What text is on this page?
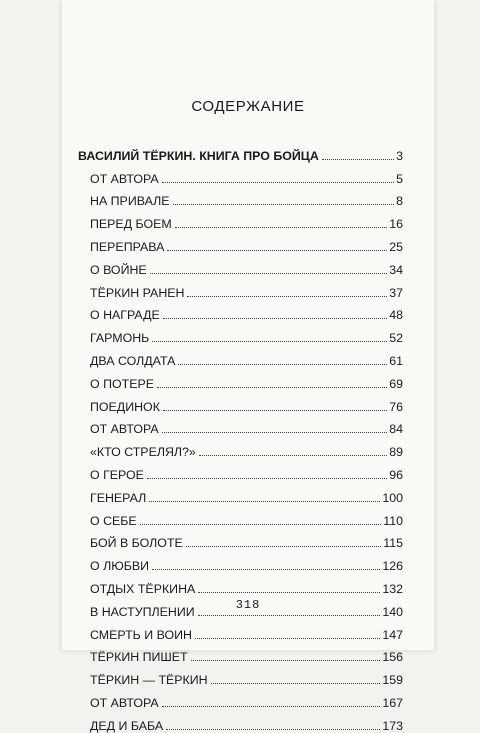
СОДЕРЖАНИЕ
ВАСИЛИЙ ТЁРКИН. КНИГА ПРО БОЙЦА	3
ОТ АВТОРА	5
НА ПРИВАЛЕ	8
ПЕРЕД БОЕМ	16
ПЕРЕПРАВА	25
О ВОЙНЕ	34
ТЁРКИН РАНЕН	37
О НАГРАДЕ	48
ГАРМОНЬ	52
ДВА СОЛДАТА	61
О ПОТЕРЕ	69
ПОЕДИНОК	76
ОТ АВТОРА	84
«КТО СТРЕЛЯЛ?»	89
О ГЕРОЕ	96
ГЕНЕРАЛ	100
О СЕБЕ	110
БОЙ В БОЛОТЕ	115
О ЛЮБВИ	126
ОТДЫХ ТЁРКИНА	132
В НАСТУПЛЕНИИ	140
СМЕРТЬ И ВОИН	147
ТЁРКИН ПИШЕТ	156
ТЁРКИН — ТЁРКИН	159
ОТ АВТОРА	167
ДЕД И БАБА	173
318
